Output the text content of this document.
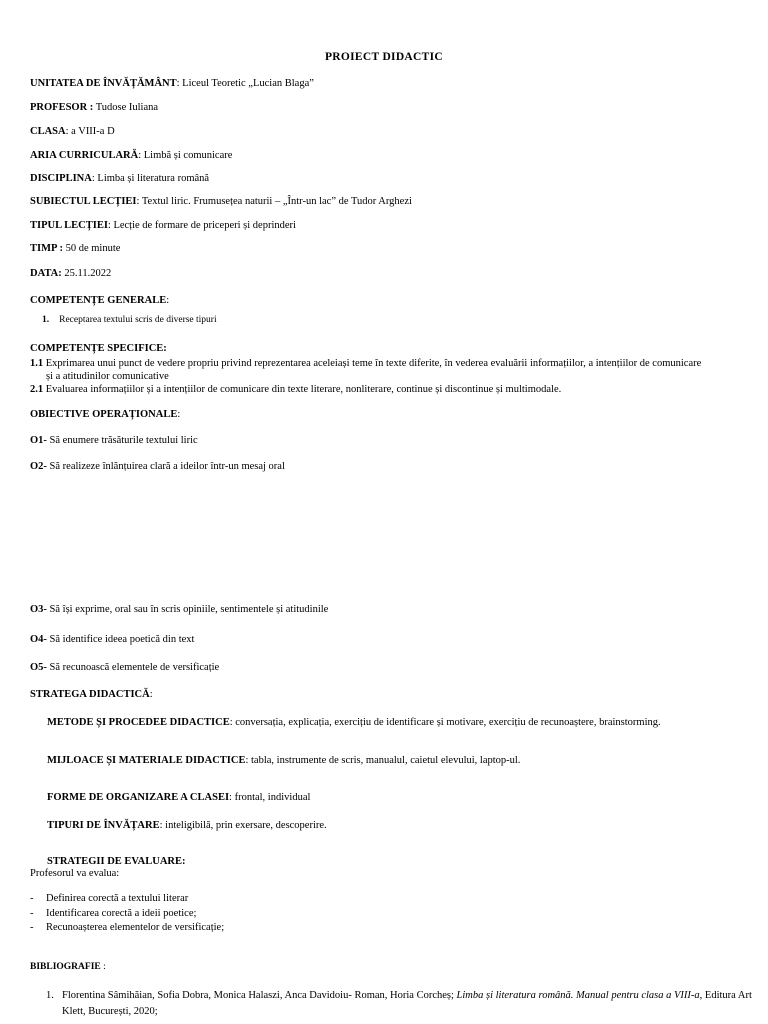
PROIECT DIDACTIC
UNITATEA DE ÎNVĂȚĂMÂNT: Liceul Teoretic „Lucian Blaga”
PROFESOR : Tudose Iuliana
CLASA: a VIII-a D
ARIA CURRICULARĂ: Limbă și comunicare
DISCIPLINA: Limba și literatura română
SUBIECTUL LECȚIEI: Textul liric. Frumusețea naturii – „Într-un lac” de Tudor Arghezi
TIPUL LECȚIEI: Lecție de formare de priceperi și deprinderi
TIMP : 50 de minute
DATA: 25.11.2022
COMPETENȚE GENERALE:
1. Receptarea textului scris de diverse tipuri
COMPETENȚE SPECIFICE:
1.1 Exprimarea unui punct de vedere propriu privind reprezentarea aceleiași teme în texte diferite, în vederea evaluării informațiilor, a intențiilor de comunicare
și a atitudinilor comunicative
2.1 Evaluarea informațiilor și a intențiilor de comunicare din texte literare, nonliterare, continue și discontinue și multimodale.
OBIECTIVE OPERAȚIONALE:
O1- Să enumere trăsăturile textului liric
O2- Să realizeze înlănțuirea clară a ideilor într-un mesaj oral
O3- Să își exprime, oral sau în scris opiniile, sentimentele și atitudinile
O4- Să identifice ideea poetică din text
O5- Să recunoască elementele de versificație
STRATEGA DIDACTICĂ:
METODE ȘI PROCEDEE DIDACTICE: conversația, explicația, exercițiu de identificare și motivare, exercițiu de recunoaștere, brainstorming.
MIJLOACE ȘI MATERIALE DIDACTICE: tabla, instrumente de scris, manualul, caietul elevului, laptop-ul.
FORME DE ORGANIZARE A CLASEI: frontal, individual
TIPURI DE ÎNVĂȚARE: inteligibilă, prin exersare, descoperire.
STRATEGII DE EVALUARE:
Profesorul va evalua:
- Definirea corectă a textului literar
- Identificarea corectă a ideii poetice;
- Recunoașterea elementelor de versificație;
BIBLIOGRAFIE :
1. Florentina Sâmihăian, Sofia Dobra, Monica Halaszi, Anca Davidoiu- Roman, Horia Corcheș; Limba și literatura română. Manual pentru clasa a VIII-a, Editura Art
Klett, București, 2020;
